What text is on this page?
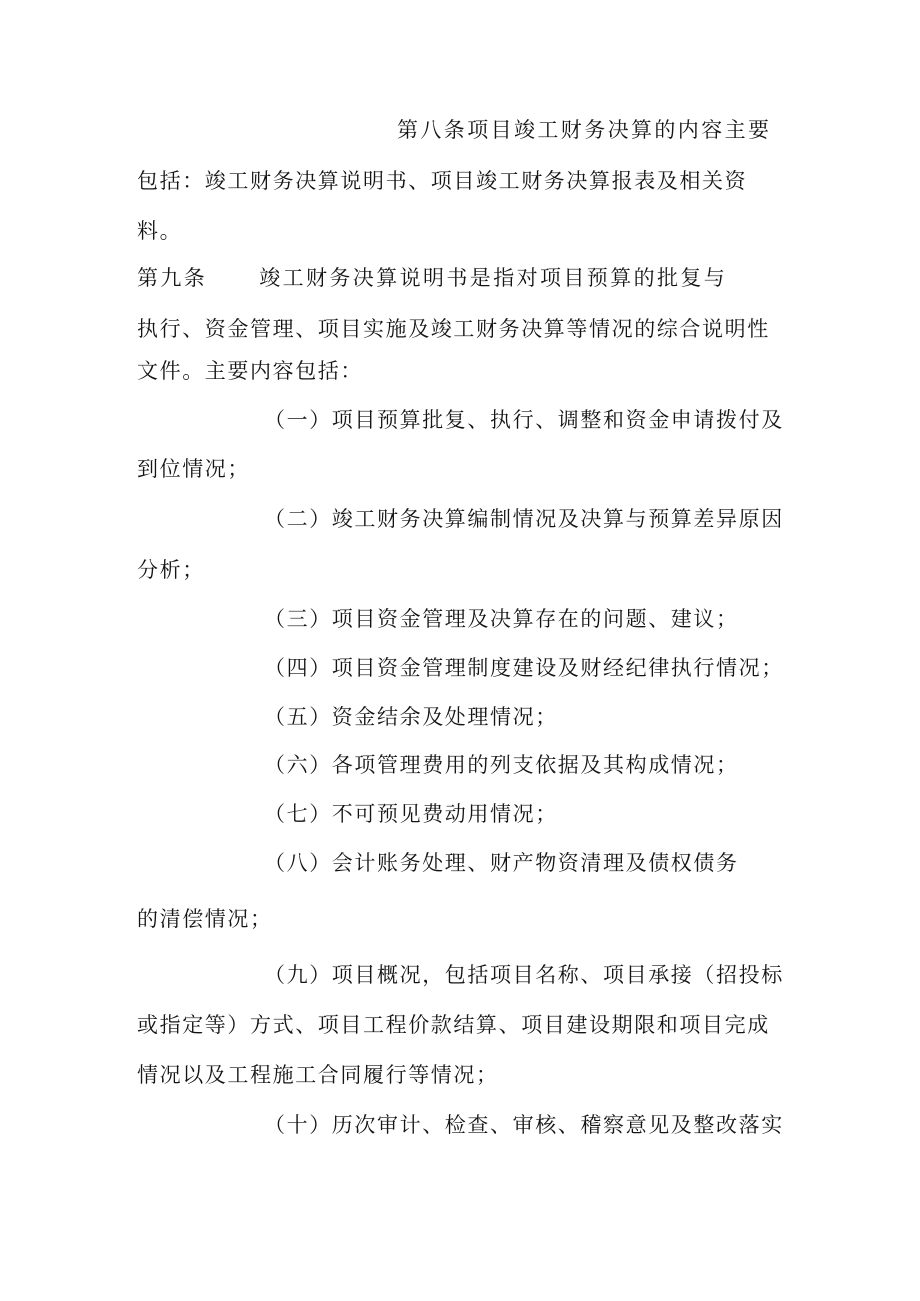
第八条项目竣工财务决算的内容主要
包括：竣工财务决算说明书、项目竣工财务决算报表及相关资
料。
第九条 竣工财务决算说明书是指对项目预算的批复与
执行、资金管理、项目实施及竣工财务决算等情况的综合说明性
文件。主要内容包括：
（一）项目预算批复、执行、调整和资金申请拨付及
到位情况；
（二）竣工财务决算编制情况及决算与预算差异原因
分析；
（三）项目资金管理及决算存在的问题、建议；
（四）项目资金管理制度建设及财经纪律执行情况；
（五）资金结余及处理情况；
（六）各项管理费用的列支依据及其构成情况；
（七）不可预见费动用情况；
（八）会计账务处理、财产物资清理及债权债务
的清偿情况；
（九）项目概况，包括项目名称、项目承接（招投标
或指定等）方式、项目工程价款结算、项目建设期限和项目完成
情况以及工程施工合同履行等情况；
（十）历次审计、检查、审核、稽察意见及整改落实
